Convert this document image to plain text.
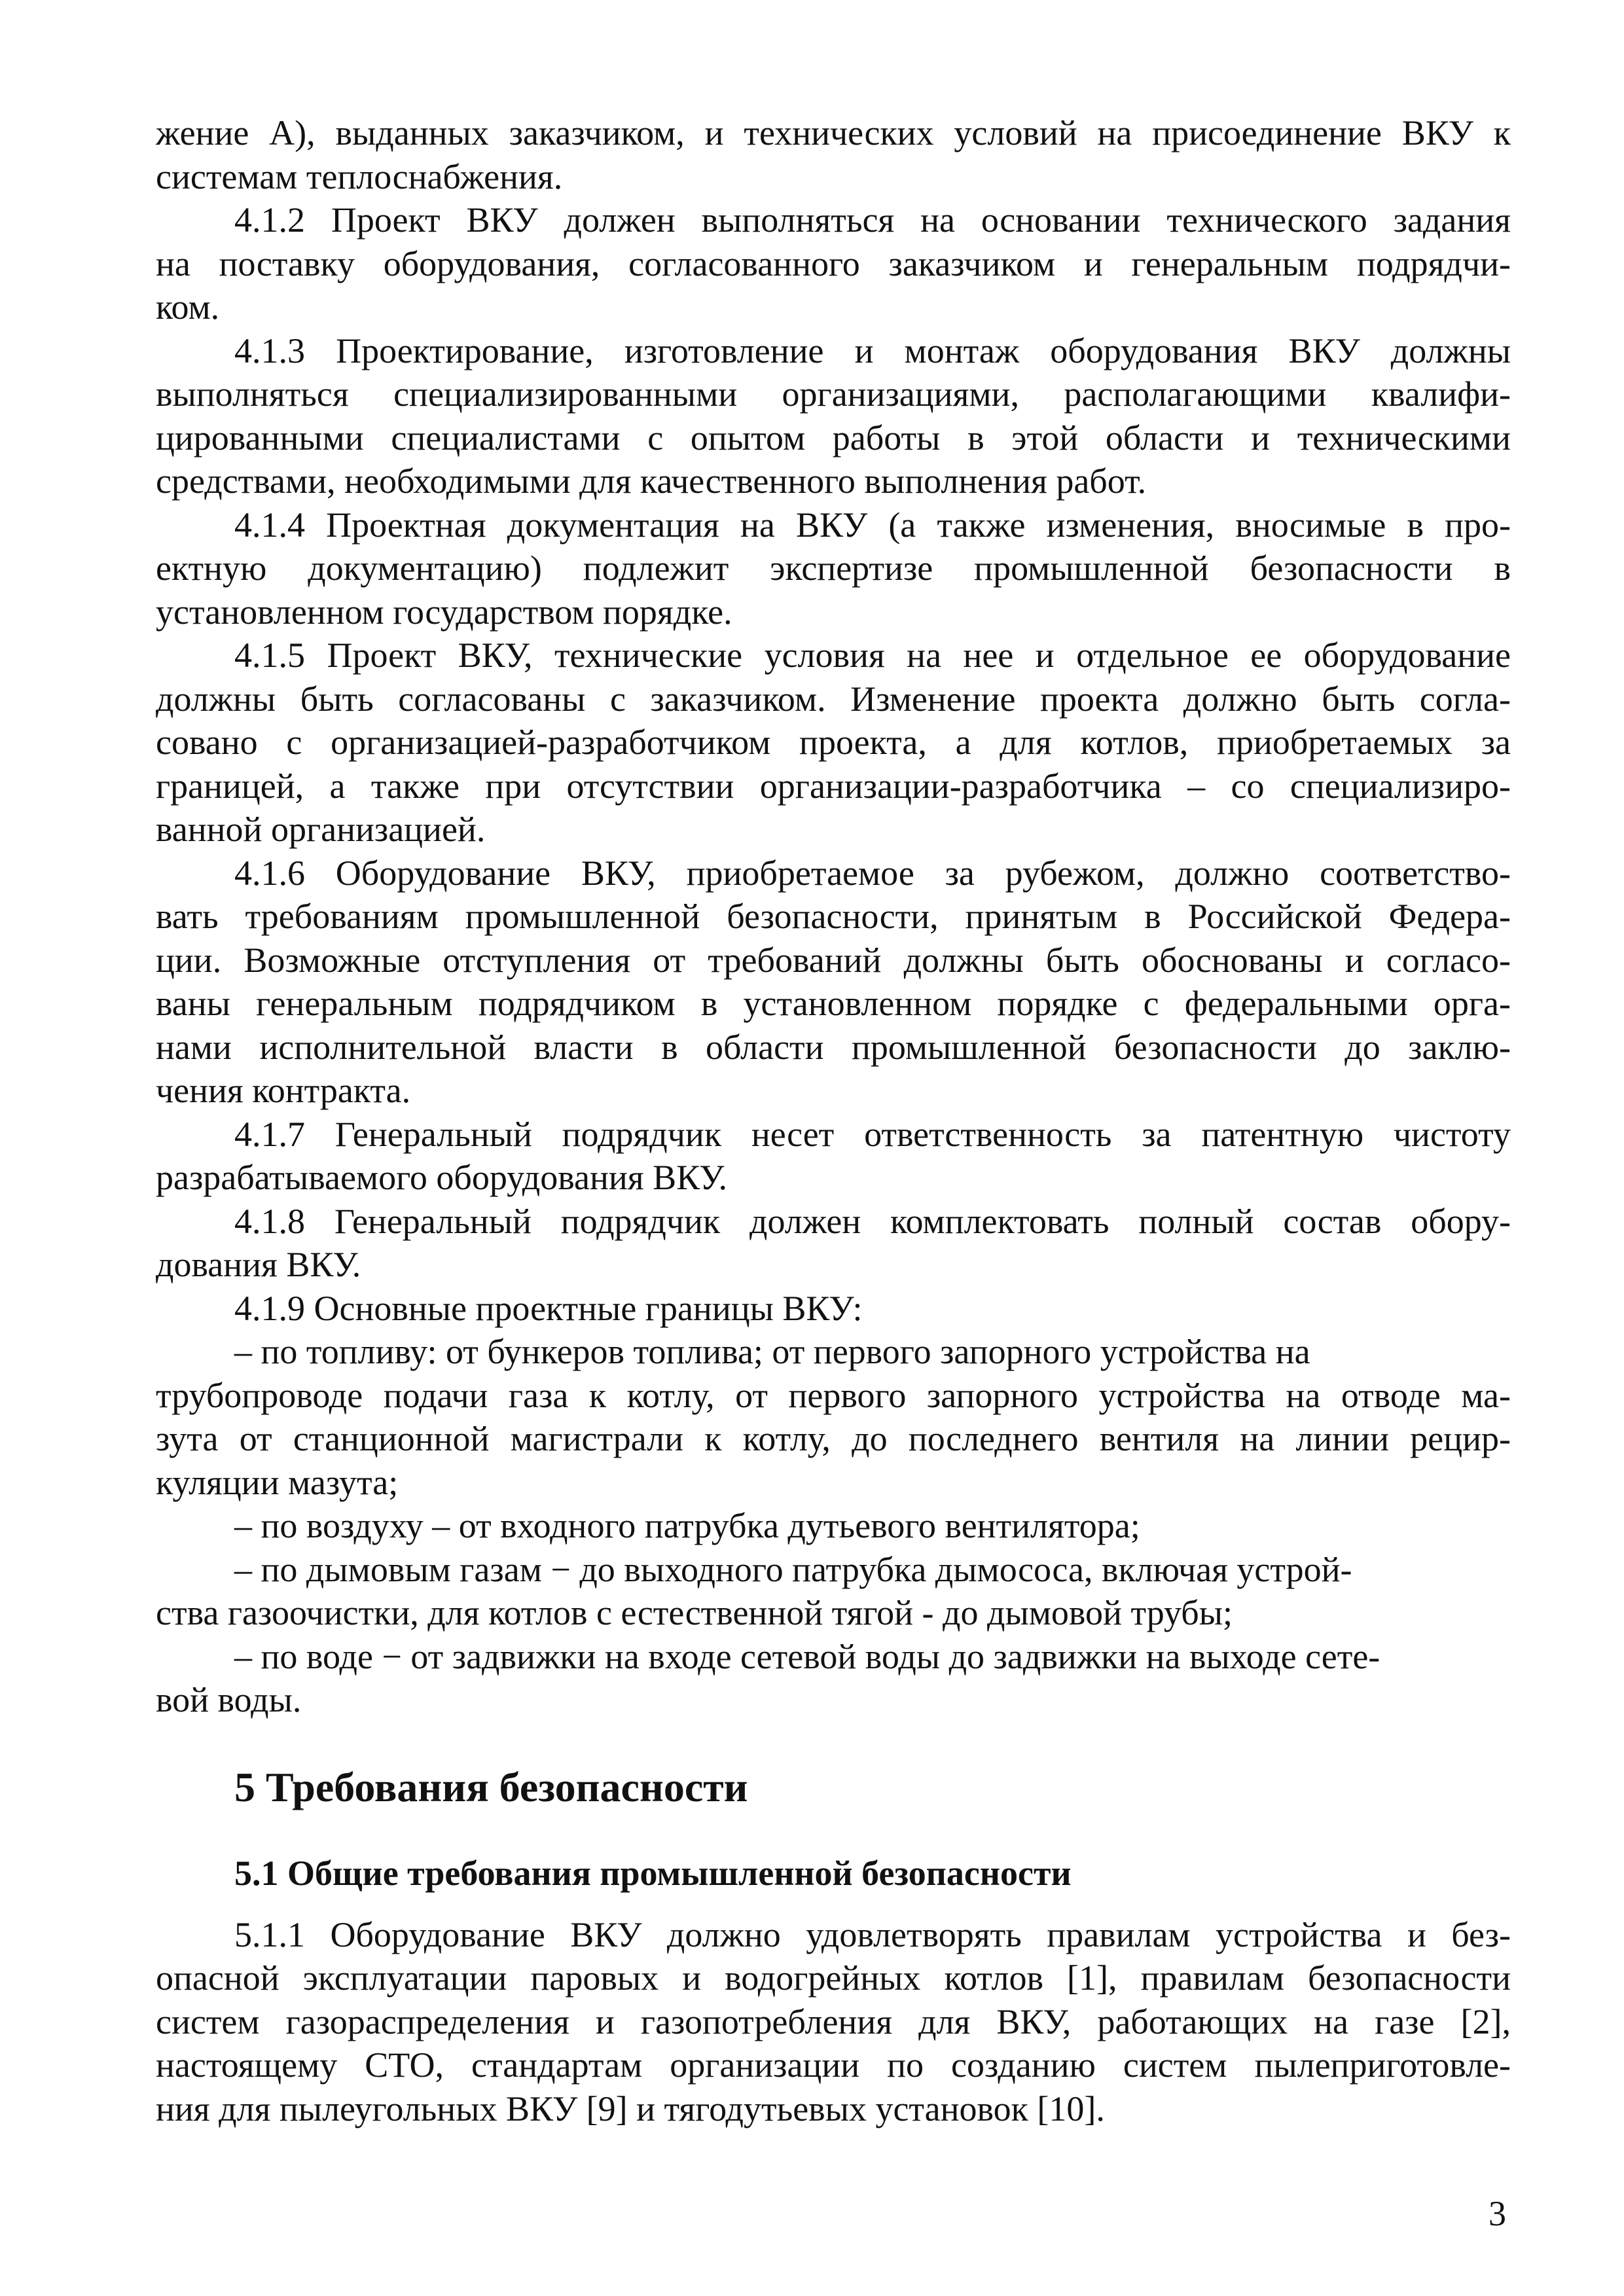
жение А), выданных заказчиком, и технических условий на присоединение ВКУ к
системам теплоснабжения.

4.1.2 Проект ВКУ должен выполняться на основании технического задания
на поставку оборудования, согласованного заказчиком и генеральным подрядчи-
ком.

4.1.3 Проектирование, изготовление и монтаж оборудования ВКУ должны
выполняться специализированными организациями, располагающими квалифи-
цированными специалистами с опытом работы в этой области и техническими
средствами, необходимыми для качественного выполнения работ.

4.1.4 Проектная документация на ВКУ (а также изменения, вносимые в про-
ектную документацию) подлежит экспертизе промышленной безопасности в
установленном государством порядке.

4.1.5 Проект ВКУ, технические условия на нее и отдельное ее оборудование
должны быть согласованы с заказчиком. Изменение проекта должно быть согла-
совано с организацией-разработчиком проекта, а для котлов, приобретаемых за
границей, а также при отсутствии организации-разработчика – со специализиро-
ванной организацией.

4.1.6 Оборудование ВКУ, приобретаемое за рубежом, должно соответство-
вать требованиям промышленной безопасности, принятым в Российской Федера-
ции. Возможные отступления от требований должны быть обоснованы и согласо-
ваны генеральным подрядчиком в установленном порядке с федеральными орга-
нами исполнительной власти в области промышленной безопасности до заклю-
чения контракта.

4.1.7 Генеральный подрядчик несет ответственность за патентную чистоту
разрабатываемого оборудования ВКУ.

4.1.8 Генеральный подрядчик должен комплектовать полный состав обору-
дования ВКУ.

4.1.9 Основные проектные границы ВКУ:

– по топливу: от бункеров топлива; от первого запорного устройства на
трубопроводе подачи газа к котлу, от первого запорного устройства на отводе ма-
зута от станционной магистрали к котлу, до последнего вентиля на линии рецир-
куляции мазута;

– по воздуху – от входного патрубка дутьевого вентилятора;

– по дымовым газам − до выходного патрубка дымососа, включая устрой-
ства газоочистки, для котлов с естественной тягой - до дымовой трубы;

– по воде − от задвижки на входе сетевой воды до задвижки на выходе сете-
вой воды.

5 Требования безопасности
5.1 Общие требования промышленной безопасности

5.1.1 Оборудование ВКУ должно удовлетворять правилам устройства и без-
опасной эксплуатации паровых и водогрейных котлов [1], правилам безопасности
систем газораспределения и газопотребления для ВКУ, работающих на газе [2],
настоящему СТО, стандартам организации по созданию систем пылеприготовле-
ния для пылеугольных ВКУ [9] и тягодутьевых установок [10].

3
